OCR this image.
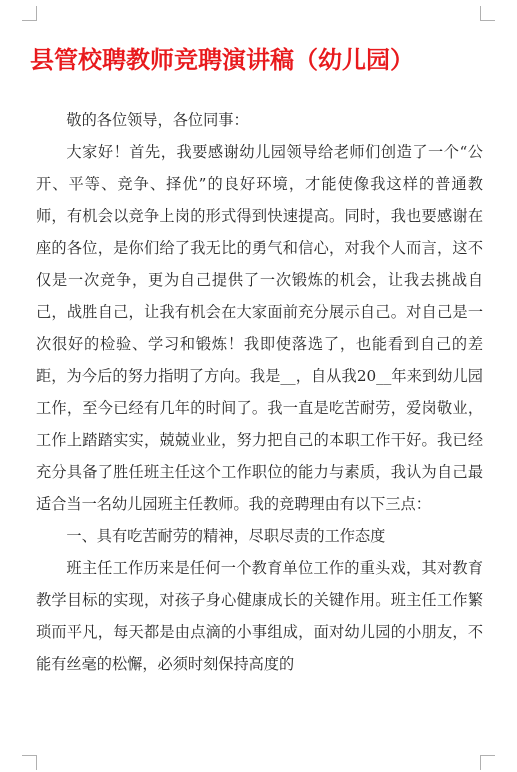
县管校聘教师竞聘演讲稿（幼儿园）

敬的各位领导，各位同事：

大家好！首先，我要感谢幼儿园领导给老师们创造了一个“公开、平等、竞争、择优”的良好环境，才能使像我这样的普通教师，有机会以竞争上岗的形式得到快速提高。同时，我也要感谢在座的各位，是你们给了我无比的勇气和信心，对我个人而言，这不仅是一次竞争，更为自己提供了一次锻炼的机会，让我去挑战自己，战胜自己，让我有机会在大家面前充分展示自己。对自己是一次很好的检验、学习和锻炼！我即使落选了，也能看到自己的差距，为今后的努力指明了方向。我是__，自从我20__年来到幼儿园工作，至今已经有几年的时间了。我一直是吃苦耐劳，爱岗敬业，工作上踏踏实实，兢兢业业，努力把自己的本职工作干好。我已经充分具备了胜任班主任这个工作职位的能力与素质，我认为自己最适合当一名幼儿园班主任教师。我的竞聘理由有以下三点：

一、具有吃苦耐劳的精神，尽职尽责的工作态度

班主任工作历来是任何一个教育单位工作的重头戏，其对教育教学目标的实现，对孩子身心健康成长的关键作用。班主任工作繁琐而平凡，每天都是由点滴的小事组成，面对幼儿园的小朋友，不能有丝毫的松懈，必须时刻保持高度的
